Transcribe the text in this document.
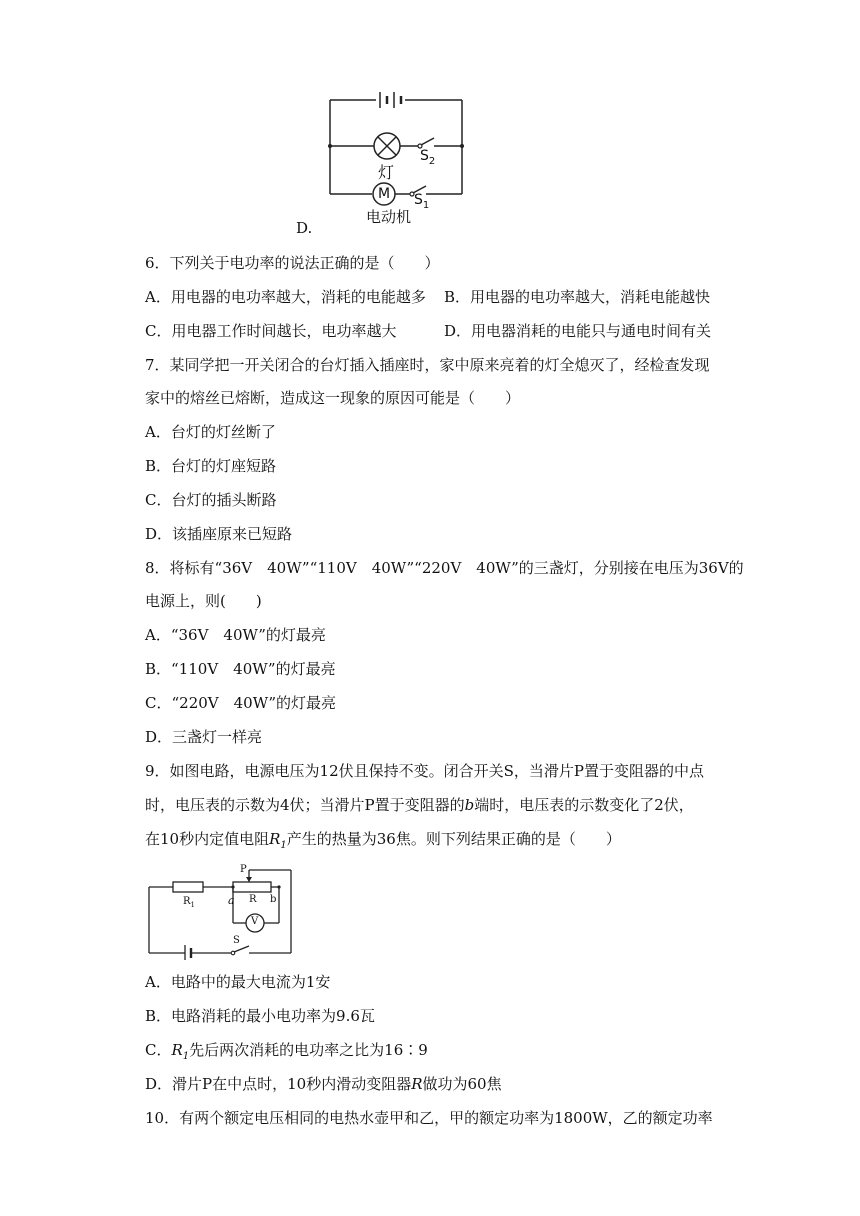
D.
灯
M
电动机
$S_2$
$S_1$
6．下列关于电功率的说法正确的是（　　）
A．用电器的电功率越大，消耗的电能越多 B．用电器的电功率越大，消耗电能越快
C．用电器工作时间越长，电功率越大	D．用电器消耗的电能只与通电时间有关
7．某同学把一开关闭合的台灯插入插座时，家中原来亮着的灯全熄灭了，经检查发现
家中的熔丝已熔断，造成这一现象的原因可能是（　　）
A．台灯的灯丝断了
B．台灯的灯座短路
C．台灯的插头断路
D．该插座原来已短路
8．将标有“36V　40W”“110V　40W”“220V　40W”的三盏灯，分别接在电压为36V的
电源上，则(　　)
A．“36V　40W”的灯最亮
B．“110V　40W”的灯最亮
C．“220V　40W”的灯最亮
D．三盏灯一样亮
9．如图电路，电源电压为12伏且保持不变。闭合开关S，当滑片P置于变阻器的中点
时，电压表的示数为4伏；当滑片P置于变阻器的b端时，电压表的示数变化了2伏，
在10秒内定值电阻$R_1$产生的热量为36焦。则下列结果正确的是（　　）
$R_1$
P
a R b
V
S
A．电路中的最大电流为1安
B．电路消耗的最小电功率为9.6瓦
C．$R_1$先后两次消耗的电功率之比为16∶9
D．滑片P在中点时，10秒内滑动变阻器R做功为60焦
10．有两个额定电压相同的电热水壶甲和乙，甲的额定功率为1800W，乙的额定功率
